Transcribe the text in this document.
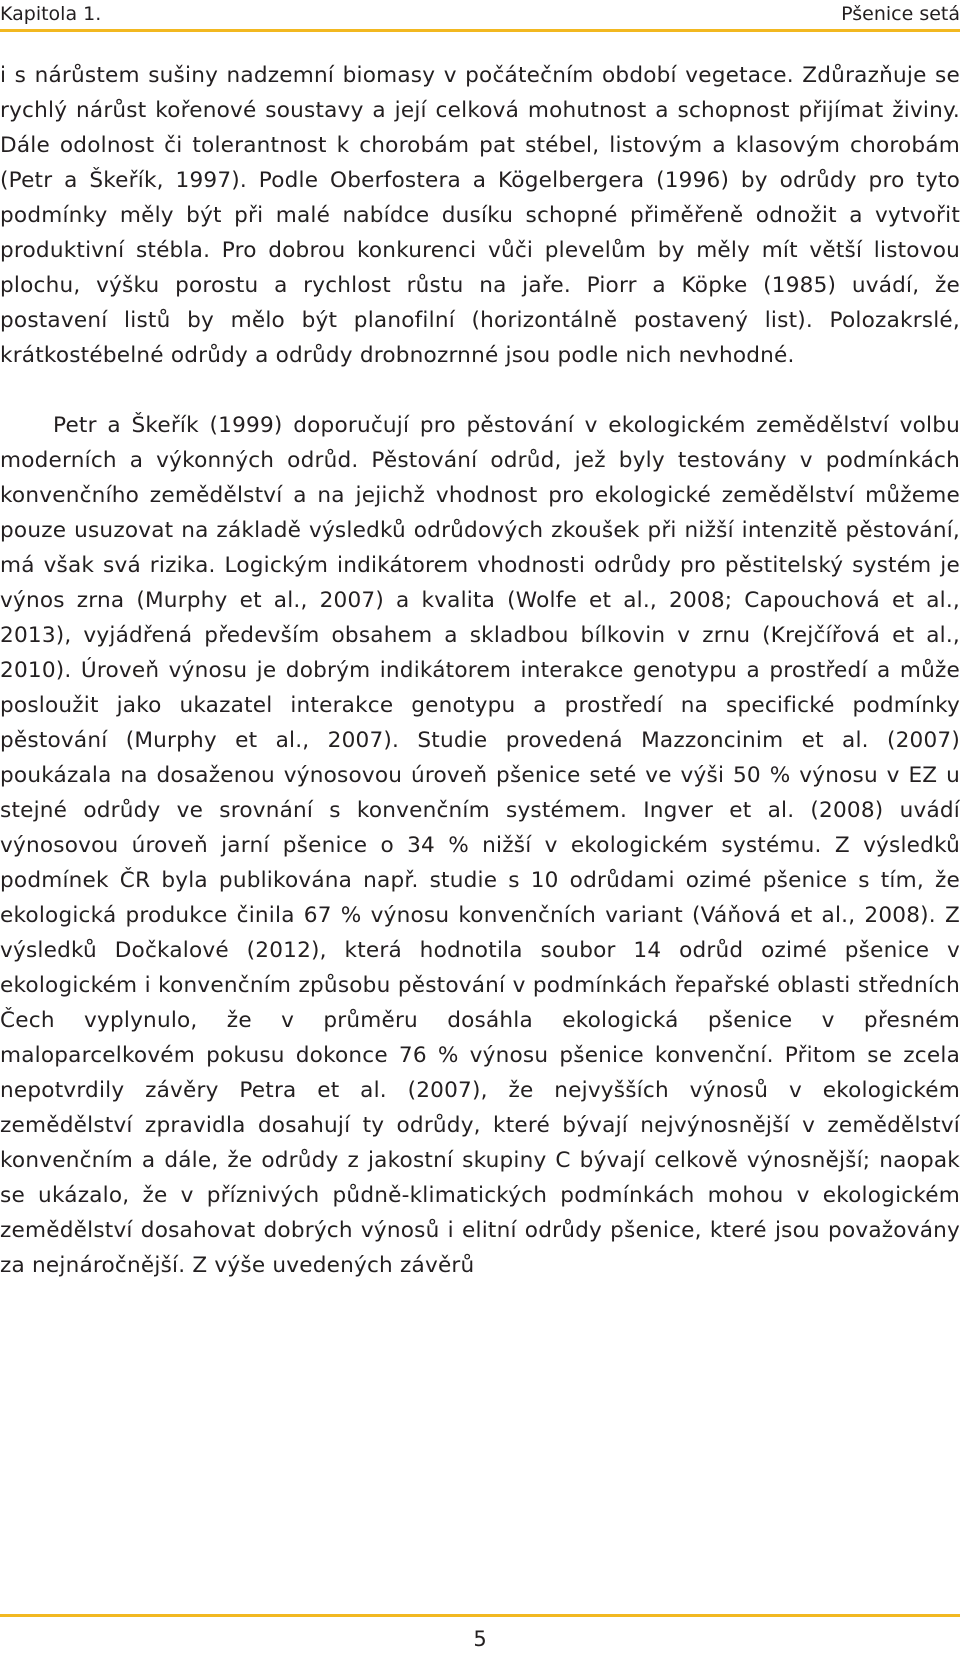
Kapitola 1.	Pšenice setá

i s nárůstem sušiny nadzemní biomasy v počátečním období vegetace. Zdůrazňuje se rychlý nárůst kořenové soustavy a její celková mohutnost a schopnost přijímat živiny. Dále odolnost či tolerantnost k chorobám pat stébel, listovým a klasovým chorobám (Petr a Škeřík, 1997). Podle Oberfostera a Kögelbergera (1996) by odrůdy pro tyto podmínky měly být při malé nabídce dusíku schopné přiměřeně odnožit a vytvořit produktivní stébla. Pro dobrou konkurenci vůči plevelům by měly mít větší listovou plochu, výšku porostu a rychlost růstu na jaře. Piorr a Köpke (1985) uvádí, že postavení listů by mělo být planofilní (horizontálně postavený list). Polozakrslé, krátkostébelné odrůdy a odrůdy drobnozrnné jsou podle nich nevhodné.

Petr a Škeřík (1999) doporučují pro pěstování v ekologickém zemědělství volbu moderních a výkonných odrůd. Pěstování odrůd, jež byly testovány v podmínkách konvenčního zemědělství a na jejichž vhodnost pro ekologické zemědělství můžeme pouze usuzovat na základě výsledků odrůdových zkoušek při nižší intenzitě pěstování, má však svá rizika. Logickým indikátorem vhodnosti odrůdy pro pěstitelský systém je výnos zrna (Murphy et al., 2007) a kvalita (Wolfe et al., 2008; Capouchová et al., 2013), vyjádřená především obsahem a skladbou bílkovin v zrnu (Krejčířová et al., 2010). Úroveň výnosu je dobrým indikátorem interakce genotypu a prostředí a může posloužit jako ukazatel interakce genotypu a prostředí na specifické podmínky pěstování (Murphy et al., 2007). Studie provedená Mazzoncinim et al. (2007) poukázala na dosaženou výnosovou úroveň pšenice seté ve výši 50 % výnosu v EZ u stejné odrůdy ve srovnání s konvenčním systémem. Ingver et al. (2008) uvádí výnosovou úroveň jarní pšenice o 34 % nižší v ekologickém systému. Z výsledků podmínek ČR byla publikována např. studie s 10 odrůdami ozimé pšenice s tím, že ekologická produkce činila 67 % výnosu konvenčních variant (Váňová et al., 2008). Z výsledků Dočkalové (2012), která hodnotila soubor 14 odrůd ozimé pšenice v ekologickém i konvenčním způsobu pěstování v podmínkách řepařské oblasti středních Čech vyplynulo, že v průměru dosáhla ekologická pšenice v přesném maloparcelkovém pokusu dokonce 76 % výnosu pšenice konvenční. Přitom se zcela nepotvrdily závěry Petra et al. (2007), že nejvyšších výnosů v ekologickém zemědělství zpravidla dosahují ty odrůdy, které bývají nejvýnosnější v zemědělství konvenčním a dále, že odrůdy z jakostní skupiny C bývají celkově výnosnější; naopak se ukázalo, že v příznivých půdně-klimatických podmínkách mohou v ekologickém zemědělství dosahovat dobrých výnosů i elitní odrůdy pšenice, které jsou považovány za nejnáročnější. Z výše uvedených závěrů

5
